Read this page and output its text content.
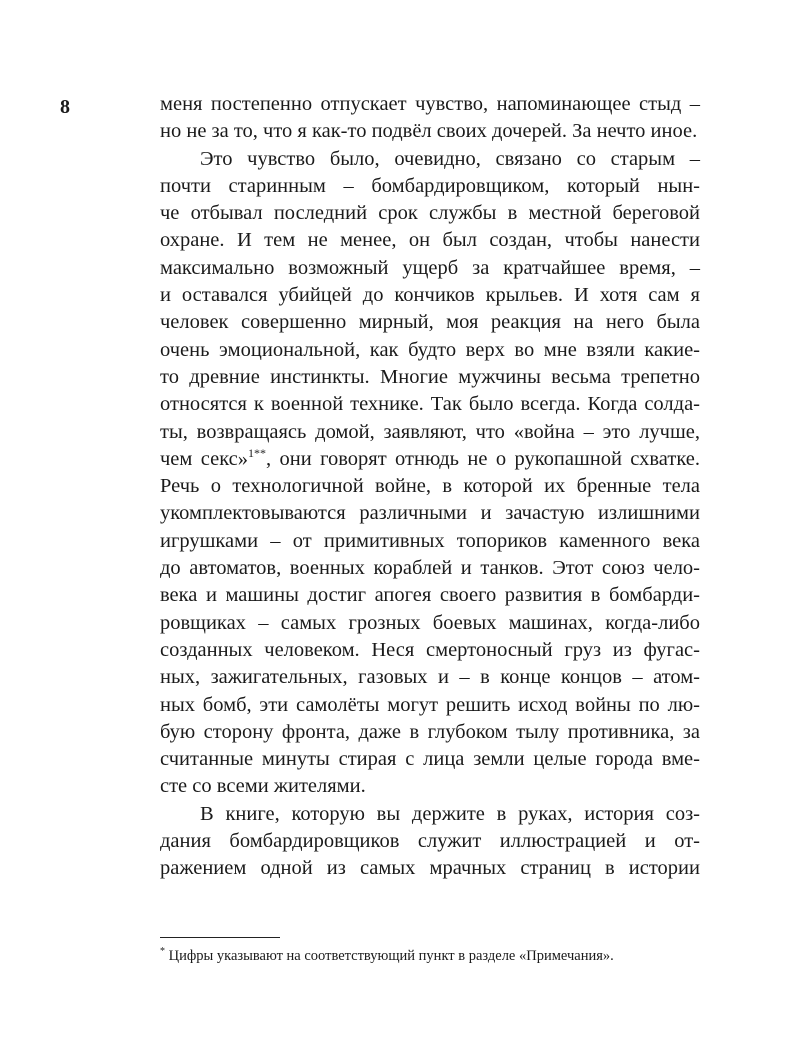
8	меня постепенно отпускает чувство, напоминающее стыд –
но не за то, что я как-то подвёл своих дочерей. За нечто иное.
Это чувство было, очевидно, связано со старым –
почти старинным – бомбардировщиком, который нын-
че отбывал последний срок службы в местной береговой
охране. И тем не менее, он был создан, чтобы нанести
максимально возможный ущерб за кратчайшее время, –
и оставался убийцей до кончиков крыльев. И хотя сам я
человек совершенно мирный, моя реакция на него была
очень эмоциональной, как будто верх во мне взяли какие-
то древние инстинкты. Многие мужчины весьма трепетно
относятся к военной технике. Так было всегда. Когда солда-
ты, возвращаясь домой, заявляют, что «война – это лучше,
чем секс»$^{1**}$, они говорят отнюдь не о рукопашной схватке.
Речь о технологичной войне, в которой их бренные тела
укомплектовываются различными и зачастую излишними
игрушками – от примитивных топориков каменного века
до автоматов, военных кораблей и танков. Этот союз чело-
века и машины достиг апогея своего развития в бомбарди-
ровщиках – самых грозных боевых машинах, когда-либо
созданных человеком. Неся смертоносный груз из фугас-
ных, зажигательных, газовых и – в конце концов – атом-
ных бомб, эти самолёты могут решить исход войны по лю-
бую сторону фронта, даже в глубоком тылу противника, за
считанные минуты стирая с лица земли целые города вме-
сте со всеми жителями.
В книге, которую вы держите в руках, история соз-
дания бомбардировщиков служит иллюстрацией и от-
ражением одной из самых мрачных страниц в истории
* Цифры указывают на соответствующий пункт в разделе «Примечания».
